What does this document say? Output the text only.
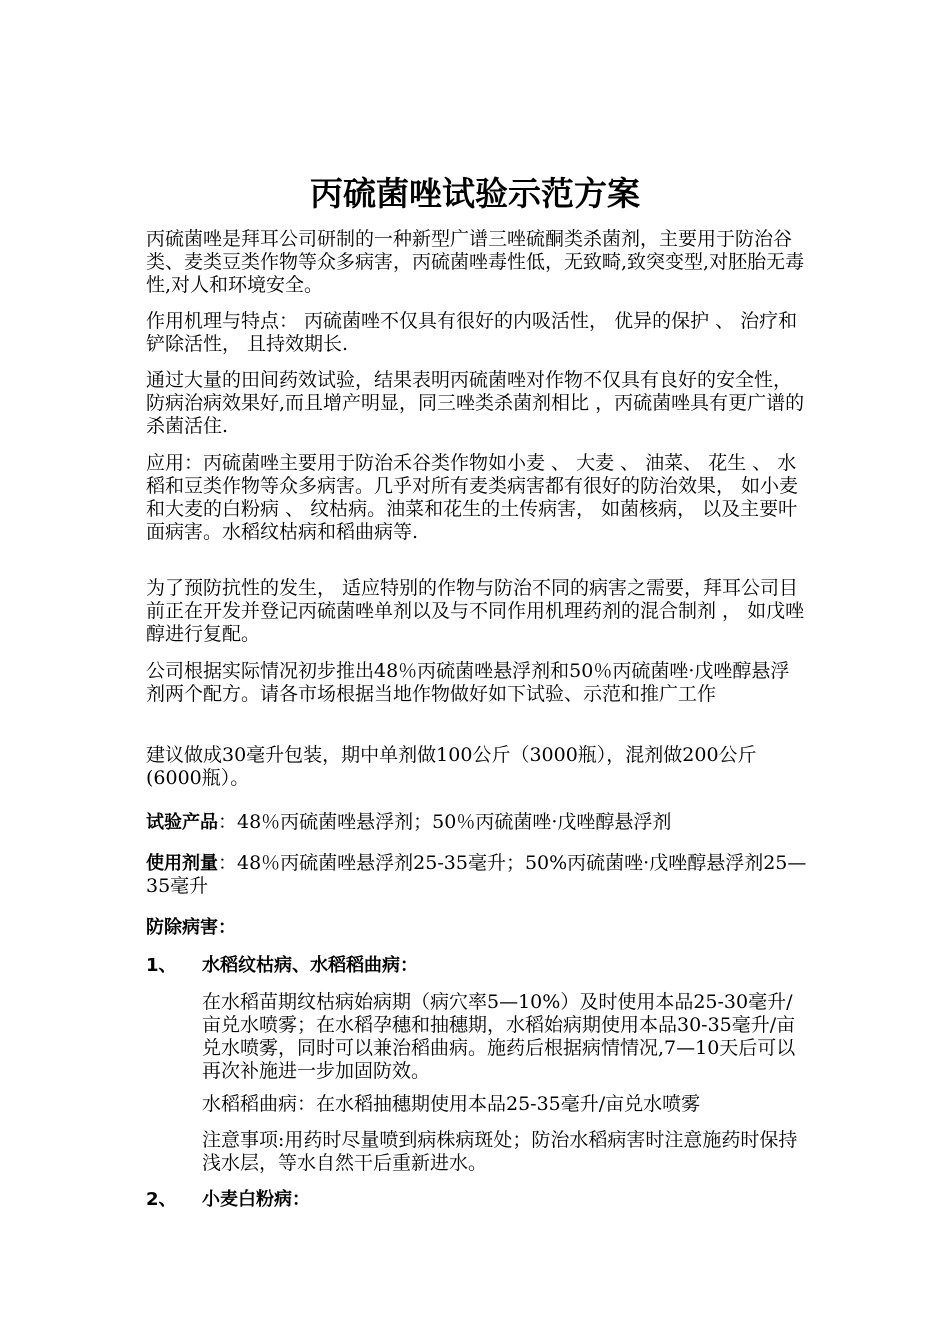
丙硫菌唑试验示范方案

丙硫菌唑是拜耳公司研制的一种新型广谱三唑硫酮类杀菌剂，主要用于防治谷类、麦类豆类作物等众多病害，丙硫菌唑毒性低，无致畸,致突变型,对胚胎无毒性,对人和环境安全。

作用机理与特点： 丙硫菌唑不仅具有很好的内吸活性， 优异的保护 、 治疗和铲除活性， 且持效期长.

通过大量的田间药效试验，结果表明丙硫菌唑对作物不仅具有良好的安全性， 防病治病效果好,而且增产明显，同三唑类杀菌剂相比 ，丙硫菌唑具有更广谱的杀菌活住.

应用：丙硫菌唑主要用于防治禾谷类作物如小麦 、 大麦 、 油菜、 花生 、 水稻和豆类作物等众多病害。几乎对所有麦类病害都有很好的防治效果， 如小麦和大麦的白粉病 、 纹枯病。油菜和花生的土传病害， 如菌核病， 以及主要叶面病害。水稻纹枯病和稻曲病等.

为了预防抗性的发生， 适应特别的作物与防治不同的病害之需要，拜耳公司目前正在开发并登记丙硫菌唑单剂以及与不同作用机理药剂的混合制剂 ， 如戊唑醇进行复配。

公司根据实际情况初步推出48％丙硫菌唑悬浮剂和50％丙硫菌唑·戊唑醇悬浮剂两个配方。请各市场根据当地作物做好如下试验、示范和推广工作

建议做成30毫升包装，期中单剂做100公斤（3000瓶），混剂做200公斤(6000瓶）。

试验产品：48％丙硫菌唑悬浮剂；50％丙硫菌唑·戊唑醇悬浮剂

使用剂量：48％丙硫菌唑悬浮剂25-35毫升；50%丙硫菌唑·戊唑醇悬浮剂25—35毫升

防除病害：

1、 水稻纹枯病、水稻稻曲病：

在水稻苗期纹枯病始病期（病穴率5—10%）及时使用本品25-30毫升/亩兑水喷雾；在水稻孕穗和抽穗期，水稻始病期使用本品30-35毫升/亩兑水喷雾，同时可以兼治稻曲病。施药后根据病情情况,7—10天后可以再次补施进一步加固防效。

水稻稻曲病：在水稻抽穗期使用本品25-35毫升/亩兑水喷雾

注意事项:用药时尽量喷到病株病斑处；防治水稻病害时注意施药时保持浅水层，等水自然干后重新进水。

2、 小麦白粉病：
